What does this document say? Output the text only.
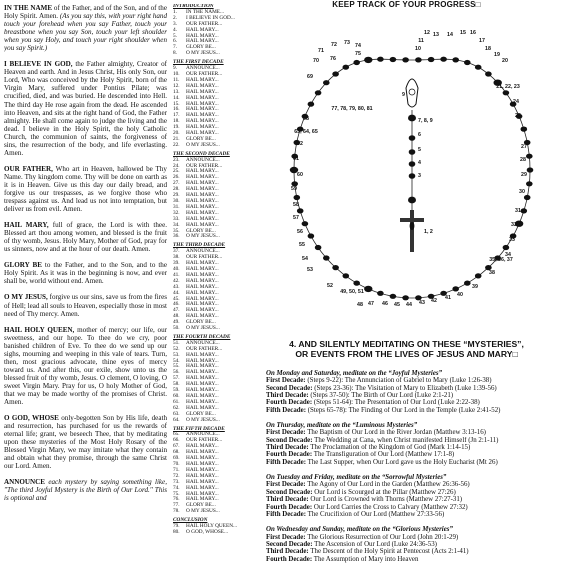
IN THE NAME of the Father, and of the Son, and of the Holy Spirit. Amen. (As you say this, with your right hand touch your forehead when you say Father, touch your breastbone when you say Son, touch your left shoulder when you say Holy, and touch your right shoulder when you say Spirit.)

I BELIEVE IN GOD, the Father almighty, Creator of Heaven and earth. And in Jesus Christ, His only Son, our Lord, Who was conceived by the Holy Spirit, born of the Virgin Mary, suffered under Pontius Pilate; was crucified, died, and was buried. He descended into Hell. The third day He rose again from the dead. He ascended into Heaven, and sits at the right hand of God, the Father almighty. He shall come again to judge the living and the dead. I believe in the Holy Spirit, the holy Catholic Church, the communion of saints, the forgiveness of sins, the resurrection of the body, and life everlasting. Amen.

OUR FATHER, Who art in Heaven, hallowed be Thy Name. Thy kingdom come. Thy will be done on earth as it is in Heaven. Give us this day our daily bread, and forgive us our trespasses, as we forgive those who trespass against us. And lead us not into temptation, but deliver us from evil. Amen.

HAIL MARY, full of grace, the Lord is with thee. Blessed art thou among women, and blessed is the fruit of thy womb, Jesus. Holy Mary, Mother of God, pray for us sinners, now and at the hour of our death. Amen.

GLORY BE to the Father, and to the Son, and to the Holy Spirit. As it was in the beginning is now, and ever shall be, world without end. Amen.

O MY JESUS, forgive us our sins, save us from the fires of Hell; lead all souls to Heaven, especially those in most need of Thy mercy. Amen.

HAIL HOLY QUEEN, mother of mercy; our life, our sweetness, and our hope. To thee do we cry, poor banished children of Eve. To thee do we send up our sighs, mourning and weeping in this vale of tears. Turn, then, most gracious advocate, thine eyes of mercy toward us. And after this, our exile, show unto us the blessed fruit of thy womb, Jesus. O clement, O loving, O sweet Virgin Mary. Pray for us, O holy Mother of God, that we may be made worthy of the promises of Christ. Amen.

O GOD, WHOSE only-begotten Son by His life, death and resurrection, has purchased for us the rewards of eternal life; grant, we beseech Thee, that by meditating upon these mysteries of the Most Holy Rosary of the Blessed Virgin Mary, we may imitate what they contain and obtain what they promise, through the same Christ our Lord. Amen.

ANNOUNCE each mystery by saying something like, "The third Joyful Mystery is the Birth of Our Lord." This is optional and

INTRODUCTION
1.	IN THE NAME...
2.	I BELIEVE IN GOD...
3.	OUR FATHER...
4.	HAIL MARY...
5.	HAIL MARY...
6.	HAIL MARY...
7.	GLORY BE...
8.	O MY JESUS...
THE FIRST DECADE
9.	ANNOUNCE...
10.	OUR FATHER...
11.	HAIL MARY...
12.	HAIL MARY...
13.	HAIL MARY...
14.	HAIL MARY...
15.	HAIL MARY...
16.	HAIL MARY...
17.	HAIL MARY...
18.	HAIL MARY...
19.	HAIL MARY...
20.	HAIL MARY...
21.	GLORY BE...
22.	O MY JESUS...
THE SECOND DECADE
23.	ANNOUNCE...
24.	OUR FATHER...
25.	HAIL MARY...
26.	HAIL MARY...
27.	HAIL MARY...
28.	HAIL MARY...
29.	HAIL MARY...
30.	HAIL MARY...
31.	HAIL MARY...
32.	HAIL MARY...
33.	HAIL MARY...
34.	HAIL MARY...
35.	GLORY BE...
36.	O MY JESUS...
THE THIRD DECADE
37.	ANNOUNCE...
38.	OUR FATHER...
39.	HAIL MARY...
40.	HAIL MARY...
41.	HAIL MARY...
42.	HAIL MARY...
43.	HAIL MARY...
44.	HAIL MARY...
45.	HAIL MARY...
46.	HAIL MARY...
47.	HAIL MARY...
48.	HAIL MARY...
49.	GLORY BE...
50.	O MY JESUS...
THE FOURTH DECADE
51.	ANNOUNCE...
52.	OUR FATHER...
53.	HAIL MARY...
54.	HAIL MARY...
55.	HAIL MARY...
56.	HAIL MARY...
57.	HAIL MARY...
58.	HAIL MARY...
59.	HAIL MARY...
60.	HAIL MARY...
61.	HAIL MARY...
62.	HAIL MARY...
63.	GLORY BE...
64.	O MY JESUS...
THE FIFTH DECADE
65.	ANNOUNCE...
66.	OUR FATHER...
67.	HAIL MARY...
68.	HAIL MARY...
69.	HAIL MARY...
70.	HAIL MARY...
71.	HAIL MARY...
72.	HAIL MARY...
73.	HAIL MARY...
74.	HAIL MARY...
75.	HAIL MARY...
76.	HAIL MARY...
77.	GLORY BE...
78.	O MY JESUS...
CONCLUSION
79.	HAIL HOLY QUEEN...
80.	O GOD, WHOSE...
72 73 74
71	75
76
70
12 13 14 15 16
11	17
18
10
19
20
77, 78, 79, 80, 81
9
7, 8, 9
6
5
4
3
1, 2
21, 22, 23
24
25
26
27
28
29
30
31
32
33
34
35, 36, 37
38
69
68
63, 64, 65
62
61
60
59
58
57
56
55
54
53
52
49, 50, 51
48 47 46 45 44 43 42 41 40
39
KEEP TRACK OF YOUR PROGRESS□
4. AND SILENTLY MEDITATING ON THESE “MYSTERIES”,
OR EVENTS FROM THE LIVES OF JESUS AND MARY□
On Monday and Saturday, meditate on the “Joyful Mysteries”
First Decade: (Steps 9-22): The Annunciation of Gabriel to Mary (Luke 1:26-38)
Second Decade: (Steps 23-36): The Visitation of Mary to Elizabeth (Luke 1:39-56)
Third Decade: (Steps 37-50): The Birth of Our Lord (Luke 2:1-21)
Fourth Decade: (Steps 51-64): The Presentation of Our Lord (Luke 2:22-38)
Fifth Decade: (Steps 65-78): The Finding of Our Lord in the Temple (Luke 2:41-52)
On Thursday, meditate on the “Luminous Mysteries”
First Decade: The Baptism of Our Lord in the River Jordan (Matthew 3:13-16)
Second Decade: The Wedding at Cana, when Christ manifested Himself (Jn 2:1-11)
Third Decade: The Proclamation of the Kingdom of God (Mark 1:14-15)
Fourth Decade: The Transfiguration of Our Lord (Matthew 17:1-8)
Fifth Decade: The Last Supper, when Our Lord gave us the Holy Eucharist (Mt 26)
On Tuesday and Friday, meditate on the “Sorrowful Mysteries”
First Decade: The Agony of Our Lord in the Garden (Matthew 26:36-56)
Second Decade: Our Lord is Scourged at the Pillar (Matthew 27:26)
Third Decade: Our Lord is Crowned with Thorns (Matthew 27:27-31)
Fourth Decade: Our Lord Carries the Cross to Calvary (Matthew 27:32)
Fifth Decade: The Crucifixion of Our Lord (Matthew 27:33-56)
On Wednesday and Sunday, meditate on the “Glorious Mysteries”
First Decade: The Glorious Resurrection of Our Lord (John 20:1-29)
Second Decade: The Ascension of Our Lord (Luke 24:36-53)
Third Decade: The Descent of the Holy Spirit at Pentecost (Acts 2:1-41)
Fourth Decade: The Assumption of Mary into Heaven
